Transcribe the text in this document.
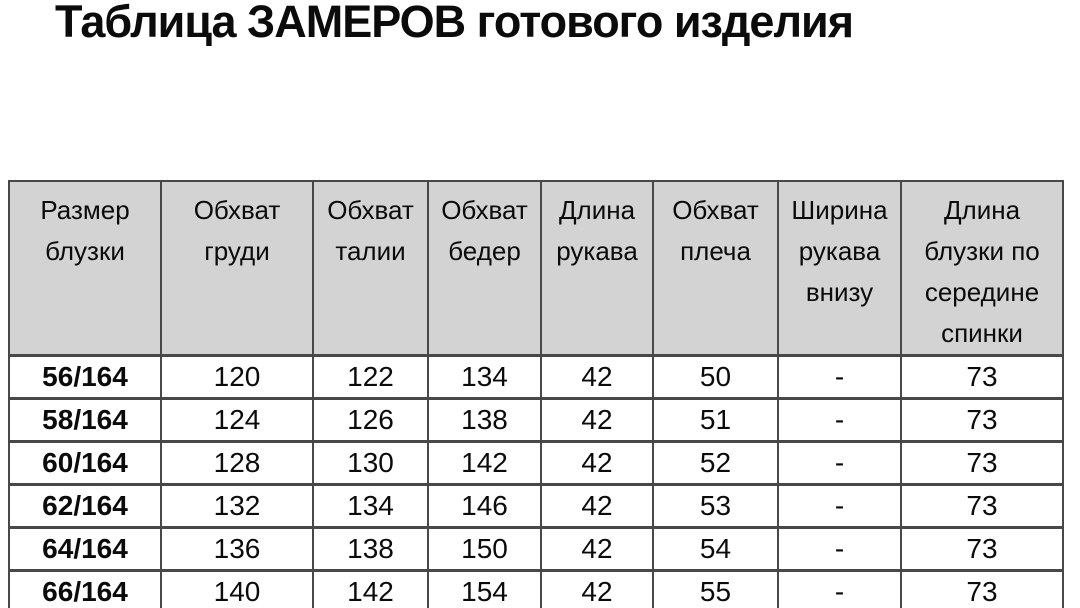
Таблица ЗАМЕРОВ готового изделия
Размер блузки	Обхват груди	Обхват талии	Обхват бедер	Длина рукава	Обхват плеча	Ширина рукава внизу	Длина блузки по середине спинки
56/164	120	122	134	42	50	-	73
58/164	124	126	138	42	51	-	73
60/164	128	130	142	42	52	-	73
62/164	132	134	146	42	53	-	73
64/164	136	138	150	42	54	-	73
66/164	140	142	154	42	55	-	73
